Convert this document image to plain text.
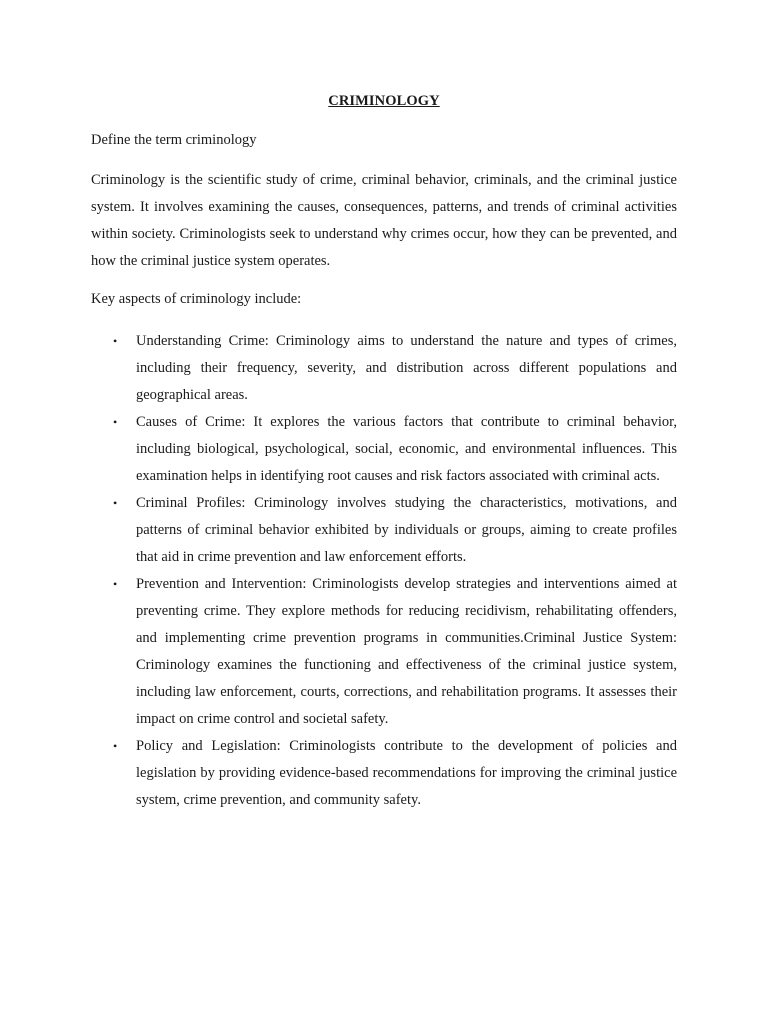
CRIMINOLOGY

Define the term criminology

Criminology is the scientific study of crime, criminal behavior, criminals, and the criminal justice system. It involves examining the causes, consequences, patterns, and trends of criminal activities within society. Criminologists seek to understand why crimes occur, how they can be prevented, and how the criminal justice system operates.

Key aspects of criminology include:

• Understanding Crime: Criminology aims to understand the nature and types of crimes, including their frequency, severity, and distribution across different populations and geographical areas.
• Causes of Crime: It explores the various factors that contribute to criminal behavior, including biological, psychological, social, economic, and environmental influences. This examination helps in identifying root causes and risk factors associated with criminal acts.
• Criminal Profiles: Criminology involves studying the characteristics, motivations, and patterns of criminal behavior exhibited by individuals or groups, aiming to create profiles that aid in crime prevention and law enforcement efforts.
• Prevention and Intervention: Criminologists develop strategies and interventions aimed at preventing crime. They explore methods for reducing recidivism, rehabilitating offenders, and implementing crime prevention programs in communities.Criminal Justice System: Criminology examines the functioning and effectiveness of the criminal justice system, including law enforcement, courts, corrections, and rehabilitation programs. It assesses their impact on crime control and societal safety.
• Policy and Legislation: Criminologists contribute to the development of policies and legislation by providing evidence-based recommendations for improving the criminal justice system, crime prevention, and community safety.
